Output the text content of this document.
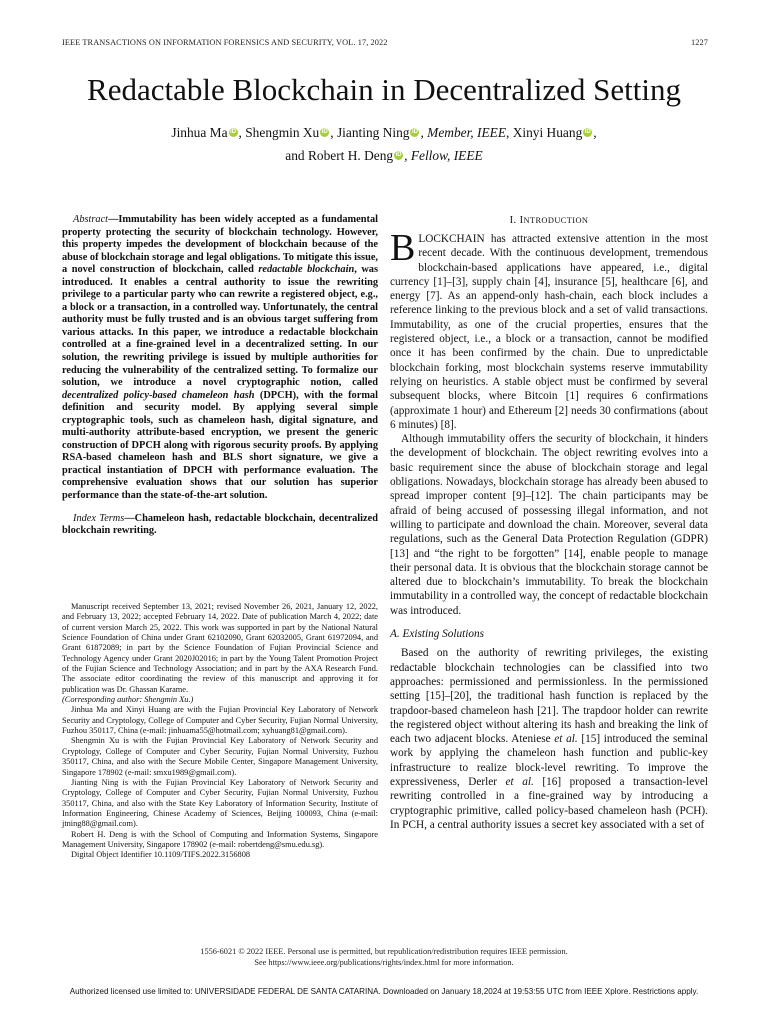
IEEE TRANSACTIONS ON INFORMATION FORENSICS AND SECURITY, VOL. 17, 2022	1227
Redactable Blockchain in Decentralized Setting
Jinhua Ma iD , Shengmin Xu iD , Jianting Ning iD , Member, IEEE, Xinyi Huang iD ,
and Robert H. Deng iD , Fellow, IEEE

Abstract—Immutability has been widely accepted as a fundamental property protecting the security of blockchain technology. However, this property impedes the development of blockchain because of the abuse of blockchain storage and legal obligations. To mitigate this issue, a novel construction of blockchain, called redactable blockchain, was introduced. It enables a central authority to issue the rewriting privilege to a particular party who can rewrite a registered object, e.g., a block or a transaction, in a controlled way. Unfortunately, the central authority must be fully trusted and is an obvious target suffering from various attacks. In this paper, we introduce a redactable blockchain controlled at a fine-grained level in a decentralized setting. In our solution, the rewriting privilege is issued by multiple authorities for reducing the vulnerability of the centralized setting. To formalize our solution, we introduce a novel cryptographic notion, called decentralized policy-based chameleon hash (DPCH), with the formal definition and security model. By applying several simple cryptographic tools, such as chameleon hash, digital signature, and multi-authority attribute-based encryption, we present the generic construction of DPCH along with rigorous security proofs. By applying RSA-based chameleon hash and BLS short signature, we give a practical instantiation of DPCH with performance evaluation. The comprehensive evaluation shows that our solution has superior performance than the state-of-the-art solution.

Index Terms—Chameleon hash, redactable blockchain, decentralized blockchain rewriting.

Manuscript received September 13, 2021; revised November 26, 2021, January 12, 2022, and February 13, 2022; accepted February 14, 2022. Date of publication March 4, 2022; date of current version March 25, 2022. This work was supported in part by the National Natural Science Foundation of China under Grant 62102090, Grant 62032005, Grant 61972094, and Grant 61872089; in part by the Science Foundation of Fujian Provincial Science and Technology Agency under Grant 2020J02016; in part by the Young Talent Promotion Project of the Fujian Science and Technology Association; and in part by the AXA Research Fund. The associate editor coordinating the review of this manuscript and approving it for publication was Dr. Ghassan Karame.

(Corresponding author: Shengmin Xu.)

Jinhua Ma and Xinyi Huang are with the Fujian Provincial Key Laboratory of Network Security and Cryptology, College of Computer and Cyber Security, Fujian Normal University, Fuzhou 350117, China (e-mail: jinhuama55@hotmail.com; xyhuang81@gmail.com).

Shengmin Xu is with the Fujian Provincial Key Laboratory of Network Security and Cryptology, College of Computer and Cyber Security, Fujian Normal University, Fuzhou 350117, China, and also with the Secure Mobile Center, Singapore Management University, Singapore 178902 (e-mail: smxu1989@gmail.com).

Jianting Ning is with the Fujian Provincial Key Laboratory of Network Security and Cryptology, College of Computer and Cyber Security, Fujian Normal University, Fuzhou 350117, China, and also with the State Key Laboratory of Information Security, Institute of Information Engineering, Chinese Academy of Sciences, Beijing 100093, China (e-mail: jtning88@gmail.com).

Robert H. Deng is with the School of Computing and Information Systems, Singapore Management University, Singapore 178902 (e-mail: robertdeng@smu.edu.sg).

Digital Object Identifier 10.1109/TIFS.2022.3156808

I. INTRODUCTION

BLOCKCHAIN has attracted extensive attention in the most recent decade. With the continuous development, tremendous blockchain-based applications have appeared, i.e., digital currency [1]–[3], supply chain [4], insurance [5], healthcare [6], and energy [7]. As an append-only hash-chain, each block includes a reference linking to the previous block and a set of valid transactions. Immutability, as one of the crucial properties, ensures that the registered object, i.e., a block or a transaction, cannot be modified once it has been confirmed by the chain. Due to unpredictable blockchain forking, most blockchain systems reserve immutability relying on heuristics. A stable object must be confirmed by several subsequent blocks, where Bitcoin [1] requires 6 confirmations (approximate 1 hour) and Ethereum [2] needs 30 confirmations (about 6 minutes) [8].

Although immutability offers the security of blockchain, it hinders the development of blockchain. The object rewriting evolves into a basic requirement since the abuse of blockchain storage and legal obligations. Nowadays, blockchain storage has already been abused to spread improper content [9]–[12]. The chain participants may be afraid of being accused of possessing illegal information, and not willing to participate and download the chain. Moreover, several data regulations, such as the General Data Protection Regulation (GDPR) [13] and “the right to be forgotten” [14], enable people to manage their personal data. It is obvious that the blockchain storage cannot be altered due to blockchain’s immutability. To break the blockchain immutability in a controlled way, the concept of redactable blockchain was introduced.

A. Existing Solutions

Based on the authority of rewriting privileges, the existing redactable blockchain technologies can be classified into two approaches: permissioned and permissionless. In the permissioned setting [15]–[20], the traditional hash function is replaced by the trapdoor-based chameleon hash [21]. The trapdoor holder can rewrite the registered object without altering its hash and breaking the link of each two adjacent blocks. Ateniese et al. [15] introduced the seminal work by applying the chameleon hash function and public-key infrastructure to realize block-level rewriting. To improve the expressiveness, Derler et al. [16] proposed a transaction-level rewriting controlled in a fine-grained way by introducing a cryptographic primitive, called policy-based chameleon hash (PCH). In PCH, a central authority issues a secret key associated with a set of

1556-6021 © 2022 IEEE. Personal use is permitted, but republication/redistribution requires IEEE permission.
See https://www.ieee.org/publications/rights/index.html for more information.
Authorized licensed use limited to: UNIVERSIDADE FEDERAL DE SANTA CATARINA. Downloaded on January 18,2024 at 19:53:55 UTC from IEEE Xplore. Restrictions apply.
